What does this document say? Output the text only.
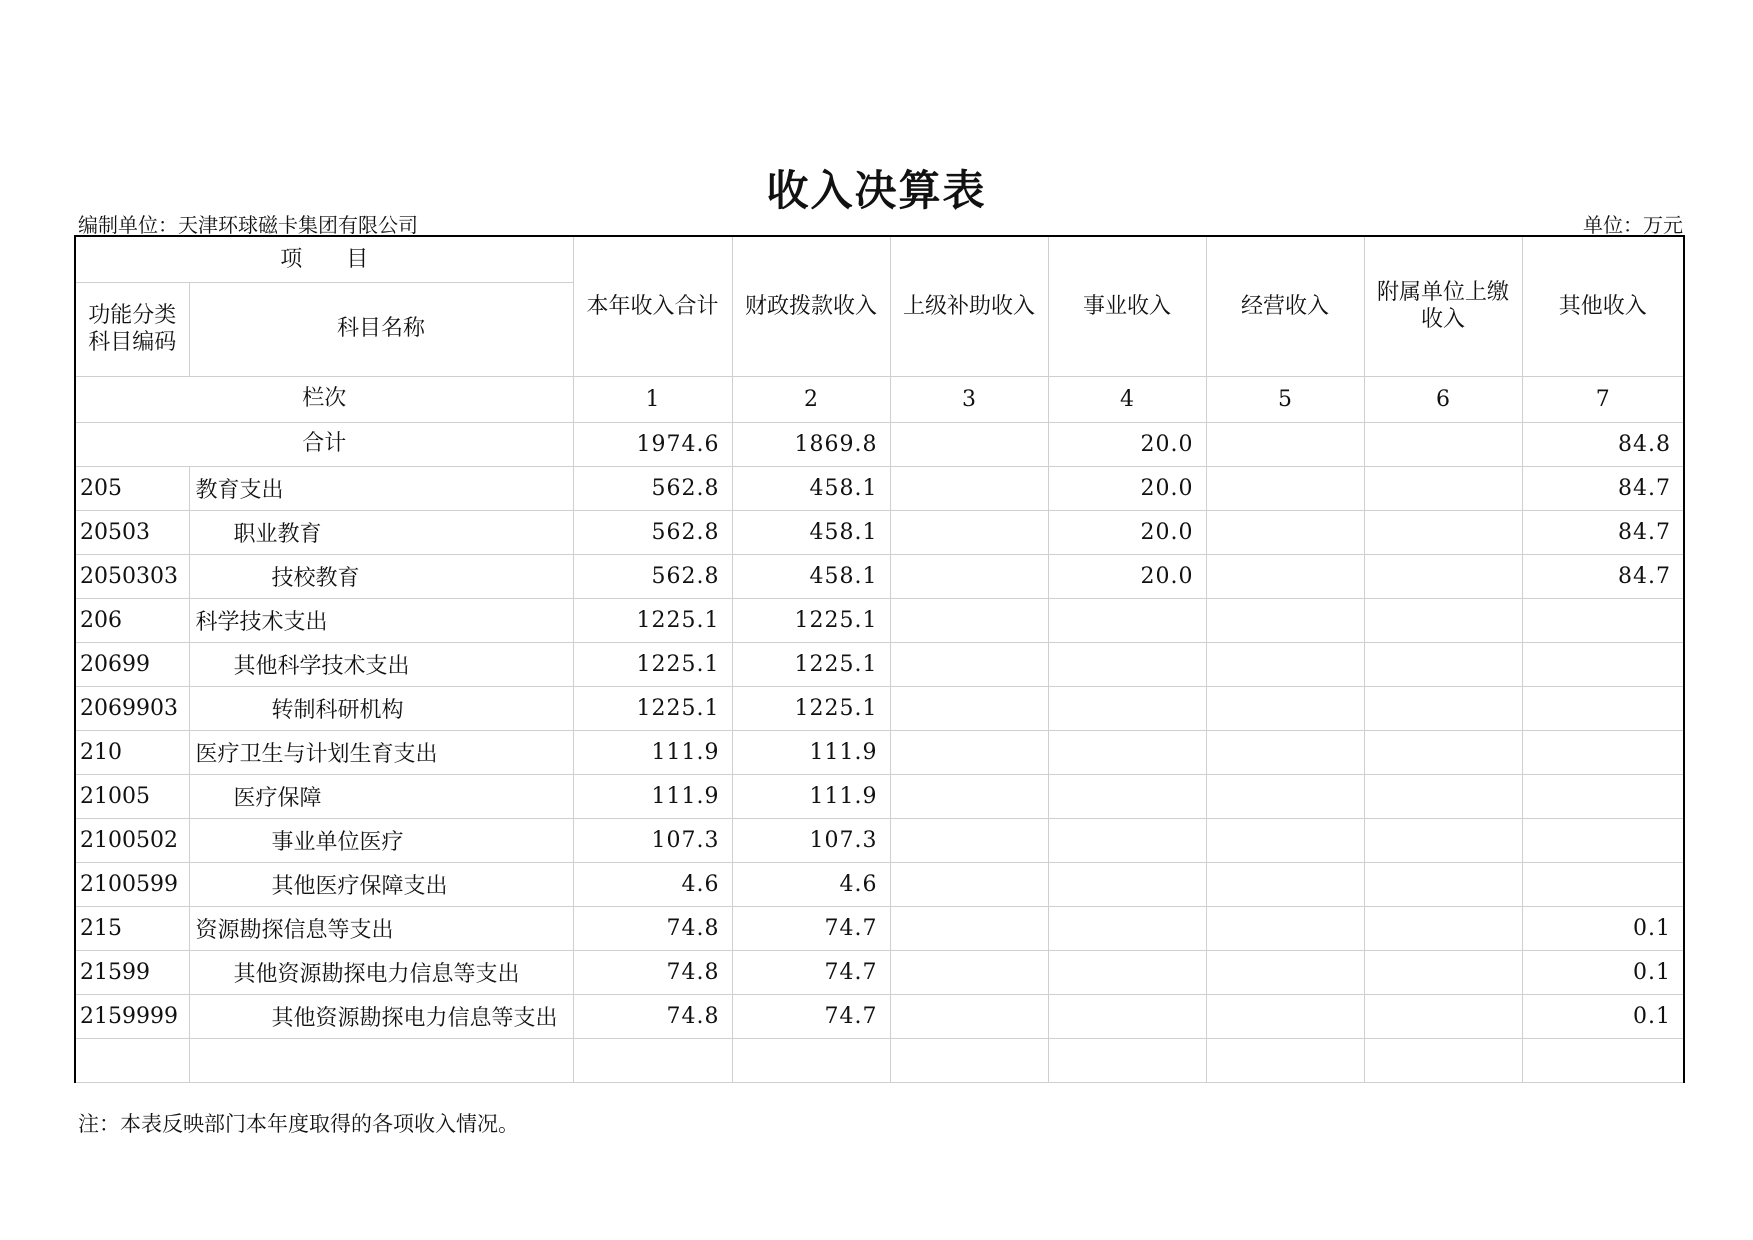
收入决算表
编制单位：天津环球磁卡集团有限公司	单位：万元
项　　目		本年收入合计	财政拨款收入	上级补助收入	事业收入	经营收入	附属单位上缴收入	其他收入
功能分类科目编码	科目名称							
栏次		1	2	3	4	5	6	7
合计		1974.6	1869.8		20.0			84.8
205	教育支出	562.8	458.1		20.0			84.7
20503	职业教育	562.8	458.1		20.0			84.7
2050303	技校教育	562.8	458.1		20.0			84.7
206	科学技术支出	1225.1	1225.1					
20699	其他科学技术支出	1225.1	1225.1					
2069903	转制科研机构	1225.1	1225.1					
210	医疗卫生与计划生育支出	111.9	111.9					
21005	医疗保障	111.9	111.9					
2100502	事业单位医疗	107.3	107.3					
2100599	其他医疗保障支出	4.6	4.6					
215	资源勘探信息等支出	74.8	74.7					0.1
21599	其他资源勘探电力信息等支出	74.8	74.7					0.1
2159999	其他资源勘探电力信息等支出	74.8	74.7					0.1

注：本表反映部门本年度取得的各项收入情况。
